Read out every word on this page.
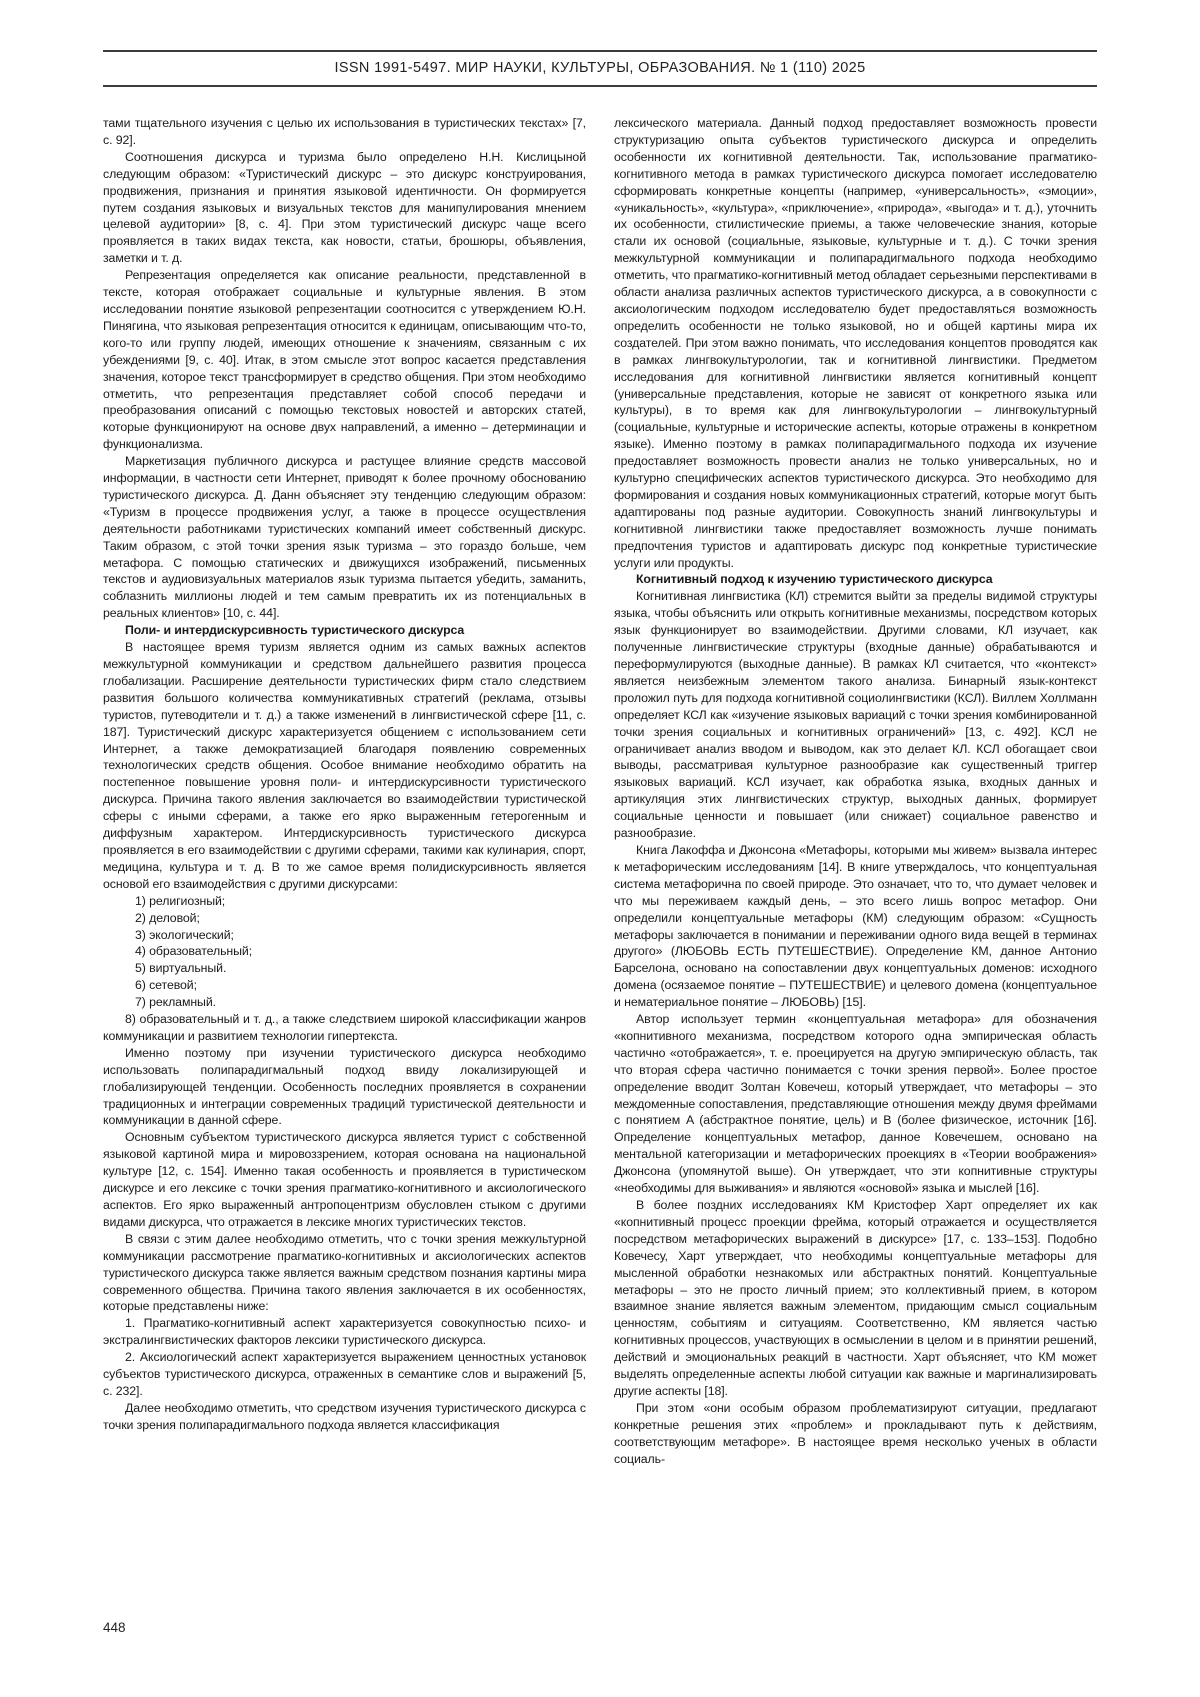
ISSN 1991-5497. МИР НАУКИ, КУЛЬТУРЫ, ОБРАЗОВАНИЯ. № 1 (110) 2025

тами тщательного изучения с целью их использования в туристических текстах» [7, с. 92].

Соотношения дискурса и туризма было определено Н.Н. Кислицыной следующим образом: «Туристический дискурс – это дискурс конструирования, продвижения, признания и принятия языковой идентичности. Он формируется путем создания языковых и визуальных текстов для манипулирования мнением целевой аудитории» [8, с. 4]. При этом туристический дискурс чаще всего проявляется в таких видах текста, как новости, статьи, брошюры, объявления, заметки и т. д.

Репрезентация определяется как описание реальности, представленной в тексте, которая отображает социальные и культурные явления. В этом исследовании понятие языковой репрезентации соотносится с утверждением Ю.Н. Пинягина, что языковая репрезентация относится к единицам, описывающим что-то, кого-то или группу людей, имеющих отношение к значениям, связанным с их убеждениями [9, с. 40]. Итак, в этом смысле этот вопрос касается представления значения, которое текст трансформирует в средство общения. При этом необходимо отметить, что репрезентация представляет собой способ передачи и преобразования описаний с помощью текстовых новостей и авторских статей, которые функционируют на основе двух направлений, а именно – детерминации и функционализма.

Маркетизация публичного дискурса и растущее влияние средств массовой информации, в частности сети Интернет, приводят к более прочному обоснованию туристического дискурса. Д. Данн объясняет эту тенденцию следующим образом: «Туризм в процессе продвижения услуг, а также в процессе осуществления деятельности работниками туристических компаний имеет собственный дискурс. Таким образом, с этой точки зрения язык туризма – это гораздо больше, чем метафора. С помощью статических и движущихся изображений, письменных текстов и аудиовизуальных материалов язык туризма пытается убедить, заманить, соблазнить миллионы людей и тем самым превратить их из потенциальных в реальных клиентов» [10, с. 44].

Поли- и интердискурсивность туристического дискурса

В настоящее время туризм является одним из самых важных аспектов межкультурной коммуникации и средством дальнейшего развития процесса глобализации. Расширение деятельности туристических фирм стало следствием развития большого количества коммуникативных стратегий (реклама, отзывы туристов, путеводители и т. д.) а также изменений в лингвистической сфере [11, с. 187]. Туристический дискурс характеризуется общением с использованием сети Интернет, а также демократизацией благодаря появлению современных технологических средств общения. Особое внимание необходимо обратить на постепенное повышение уровня поли- и интердискурсивности туристического дискурса. Причина такого явления заключается во взаимодействии туристической сферы с иными сферами, а также его ярко выраженным гетерогенным и диффузным характером. Интердискурсивность туристического дискурса проявляется в его взаимодействии с другими сферами, такими как кулинария, спорт, медицина, культура и т. д. В то же самое время полидискурсивность является основой его взаимодействия с другими дискурсами:

1) религиозный;

2) деловой;

3) экологический;

4) образовательный;

5) виртуальный.

6) сетевой;

7) рекламный.

8) образовательный и т. д., а также следствием широкой классификации жанров коммуникации и развитием технологии гипертекста.

Именно поэтому при изучении туристического дискурса необходимо использовать полипарадигмальный подход ввиду локализирующей и глобализирующей тенденции. Особенность последних проявляется в сохранении традиционных и интеграции современных традиций туристической деятельности и коммуникации в данной сфере.

Основным субъектом туристического дискурса является турист с собственной языковой картиной мира и мировоззрением, которая основана на национальной культуре [12, с. 154]. Именно такая особенность и проявляется в туристическом дискурсе и его лексике с точки зрения прагматико-когнитивного и аксиологического аспектов. Его ярко выраженный антропоцентризм обусловлен стыком с другими видами дискурса, что отражается в лексике многих туристических текстов.

В связи с этим далее необходимо отметить, что с точки зрения межкультурной коммуникации рассмотрение прагматико-когнитивных и аксиологических аспектов туристического дискурса также является важным средством познания картины мира современного общества. Причина такого явления заключается в их особенностях, которые представлены ниже:

1. Прагматико-когнитивный аспект характеризуется совокупностью психо- и экстралингвистических факторов лексики туристического дискурса.

2. Аксиологический аспект характеризуется выражением ценностных установок субъектов туристического дискурса, отраженных в семантике слов и выражений [5, с. 232].

Далее необходимо отметить, что средством изучения туристического дискурса с точки зрения полипарадигмального подхода является классификация

лексического материала. Данный подход предоставляет возможность провести структуризацию опыта субъектов туристического дискурса и определить особенности их когнитивной деятельности. Так, использование прагматико-когнитивного метода в рамках туристического дискурса помогает исследователю сформировать конкретные концепты (например, «универсальность», «эмоции», «уникальность», «культура», «приключение», «природа», «выгода» и т. д.), уточнить их особенности, стилистические приемы, а также человеческие знания, которые стали их основой (социальные, языковые, культурные и т. д.). С точки зрения межкультурной коммуникации и полипарадигмального подхода необходимо отметить, что прагматико-когнитивный метод обладает серьезными перспективами в области анализа различных аспектов туристического дискурса, а в совокупности с аксиологическим подходом исследователю будет предоставляться возможность определить особенности не только языковой, но и общей картины мира их создателей. При этом важно понимать, что исследования концептов проводятся как в рамках лингвокультурологии, так и когнитивной лингвистики. Предметом исследования для когнитивной лингвистики является когнитивный концепт (универсальные представления, которые не зависят от конкретного языка или культуры), в то время как для лингвокультурологии – лингвокультурный (социальные, культурные и исторические аспекты, которые отражены в конкретном языке). Именно поэтому в рамках полипарадигмального подхода их изучение предоставляет возможность провести анализ не только универсальных, но и культурно специфических аспектов туристического дискурса. Это необходимо для формирования и создания новых коммуникационных стратегий, которые могут быть адаптированы под разные аудитории. Совокупность знаний лингвокультуры и когнитивной лингвистики также предоставляет возможность лучше понимать предпочтения туристов и адаптировать дискурс под конкретные туристические услуги или продукты.

Когнитивный подход к изучению туристического дискурса

Когнитивная лингвистика (КЛ) стремится выйти за пределы видимой структуры языка, чтобы объяснить или открыть когнитивные механизмы, посредством которых язык функционирует во взаимодействии. Другими словами, КЛ изучает, как полученные лингвистические структуры (входные данные) обрабатываются и переформулируются (выходные данные). В рамках КЛ считается, что «контекст» является неизбежным элементом такого анализа. Бинарный язык-контекст проложил путь для подхода когнитивной социолингвистики (КСЛ). Виллем Холлманн определяет КСЛ как «изучение языковых вариаций с точки зрения комбинированной точки зрения социальных и когнитивных ограничений» [13, с. 492]. КСЛ не ограничивает анализ вводом и выводом, как это делает КЛ. КСЛ обогащает свои выводы, рассматривая культурное разнообразие как существенный триггер языковых вариаций. КСЛ изучает, как обработка языка, входных данных и артикуляция этих лингвистических структур, выходных данных, формирует социальные ценности и повышает (или снижает) социальное равенство и разнообразие.

Книга Лакоффа и Джонсона «Метафоры, которыми мы живем» вызвала интерес к метафорическим исследованиям [14]. В книге утверждалось, что концептуальная система метафорична по своей природе. Это означает, что то, что думает человек и что мы переживаем каждый день, – это всего лишь вопрос метафор. Они определили концептуальные метафоры (КМ) следующим образом: «Сущность метафоры заключается в понимании и переживании одного вида вещей в терминах другого» (ЛЮБОВЬ ЕСТЬ ПУТЕШЕСТВИЕ). Определение КМ, данное Антонио Барселона, основано на сопоставлении двух концептуальных доменов: исходного домена (осязаемое понятие – ПУТЕШЕСТВИЕ) и целевого домена (концептуальное и нематериальное понятие – ЛЮБОВЬ) [15].

Автор использует термин «концептуальная метафора» для обозначения «копнитивного механизма, посредством которого одна эмпирическая область частично «отображается», т. е. проецируется на другую эмпирическую область, так что вторая сфера частично понимается с точки зрения первой». Более простое определение вводит Золтан Ковечеш, который утверждает, что метафоры – это междоменные сопоставления, представляющие отношения между двумя фреймами с понятием A (абстрактное понятие, цель) и B (более физическое, источник [16]. Определение концептуальных метафор, данное Ковечешем, основано на ментальной категоризации и метафорических проекциях в «Теории воображения» Джонсона (упомянутой выше). Он утверждает, что эти копнитивные структуры «необходимы для выживания» и являются «основой» языка и мыслей [16].

В более поздних исследованиях КМ Кристофер Харт определяет их как «копнитивный процесс проекции фрейма, который отражается и осуществляется посредством метафорических выражений в дискурсе» [17, с. 133–153]. Подобно Ковечесу, Харт утверждает, что необходимы концептуальные метафоры для мысленной обработки незнакомых или абстрактных понятий. Концептуальные метафоры – это не просто личный прием; это коллективный прием, в котором взаимное знание является важным элементом, придающим смысл социальным ценностям, событиям и ситуациям. Соответственно, КМ является частью когнитивных процессов, участвующих в осмыслении в целом и в принятии решений, действий и эмоциональных реакций в частности. Харт объясняет, что КМ может выделять определенные аспекты любой ситуации как важные и маргинализировать другие аспекты [18].

При этом «они особым образом проблематизируют ситуации, предлагают конкретные решения этих «проблем» и прокладывают путь к действиям, соответствующим метафоре». В настоящее время несколько ученых в области социаль-

448
